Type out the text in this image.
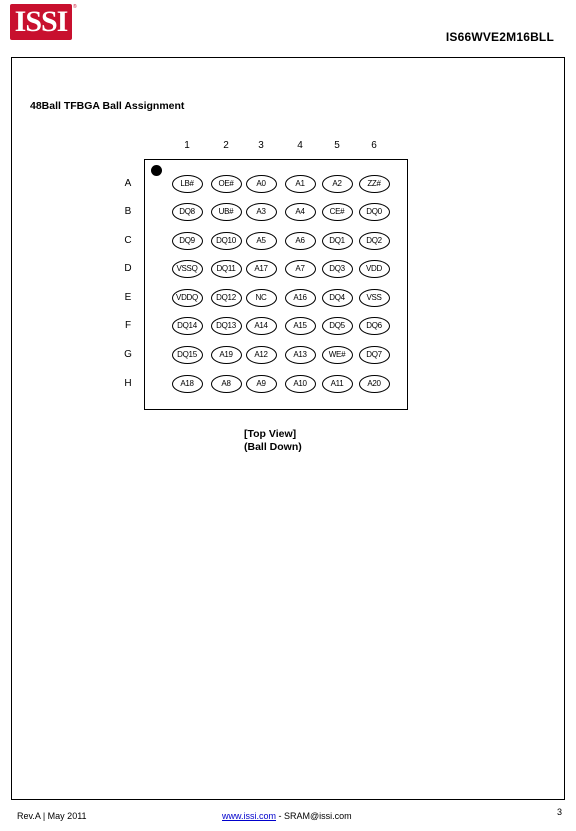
ISSI	®
IS66WVE2M16BLL
48Ball TFBGA Ball Assignment
1	2	3	4	5	6
A	LB#	OE#	A0	A1	A2	ZZ#
B	DQ8	UB#	A3	A4	CE#	DQ0
C	DQ9	DQ10	A5	A6	DQ1	DQ2
D	VSSQ	DQ11	A17	A7	DQ3	VDD
E	VDDQ	DQ12	NC	A16	DQ4	VSS
F	DQ14	DQ13	A14	A15	DQ5	DQ6
G	DQ15	A19	A12	A13	WE#	DQ7
H	A18	A8	A9	A10	A11	A20
[Top View]
(Ball Down)
Rev.A | May 2011	www.issi.com - SRAM@issi.com	3
